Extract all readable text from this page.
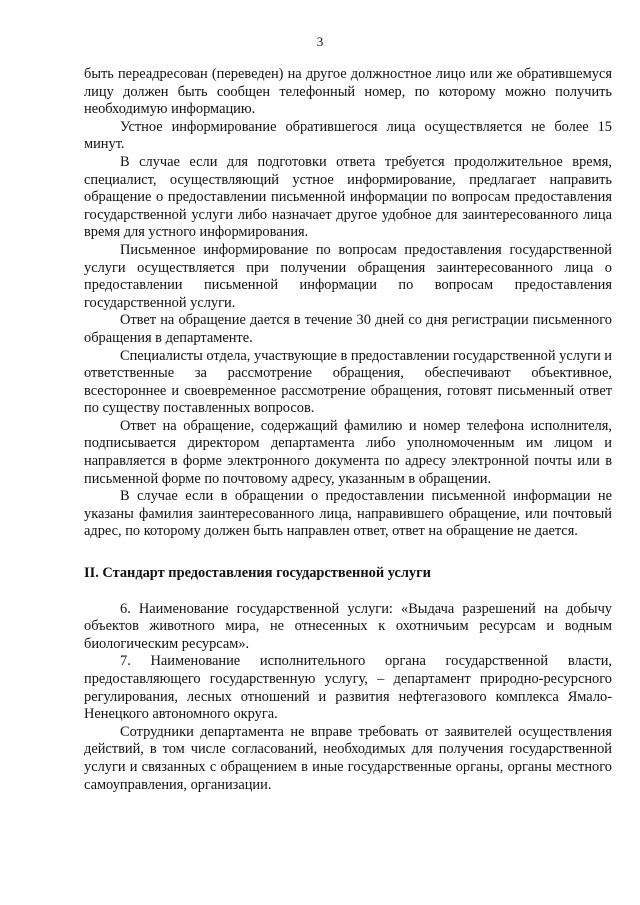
3

быть переадресован (переведен) на другое должностное лицо или же обратившемуся лицу должен быть сообщен телефонный номер, по которому можно получить необходимую информацию.

Устное информирование обратившегося лица осуществляется не более 15 минут.

В случае если для подготовки ответа требуется продолжительное время, специалист, осуществляющий устное информирование, предлагает направить обращение о предоставлении письменной информации по вопросам предоставления государственной услуги либо назначает другое удобное для заинтересованного лица время для устного информирования.

Письменное информирование по вопросам предоставления государственной услуги осуществляется при получении обращения заинтересованного лица о предоставлении письменной информации по вопросам предоставления государственной услуги.

Ответ на обращение дается в течение 30 дней со дня регистрации письменного обращения в департаменте.

Специалисты отдела, участвующие в предоставлении государственной услуги и ответственные за рассмотрение обращения, обеспечивают объективное, всестороннее и своевременное рассмотрение обращения, готовят письменный ответ по существу поставленных вопросов.

Ответ на обращение, содержащий фамилию и номер телефона исполнителя, подписывается директором департамента либо уполномоченным им лицом и направляется в форме электронного документа по адресу электронной почты или в письменной форме по почтовому адресу, указанным в обращении.

В случае если в обращении о предоставлении письменной информации не указаны фамилия заинтересованного лица, направившего обращение, или почтовый адрес, по которому должен быть направлен ответ, ответ на обращение не дается.

II. Стандарт предоставления государственной услуги

6. Наименование государственной услуги: «Выдача разрешений на добычу объектов животного мира, не отнесенных к охотничьим ресурсам и водным биологическим ресурсам».

7. Наименование исполнительного органа государственной власти, предоставляющего государственную услугу, – департамент природно-ресурсного регулирования, лесных отношений и развития нефтегазового комплекса Ямало-Ненецкого автономного округа.

Сотрудники департамента не вправе требовать от заявителей осуществления действий, в том числе согласований, необходимых для получения государственной услуги и связанных с обращением в иные государственные органы, органы местного самоуправления, организации.
